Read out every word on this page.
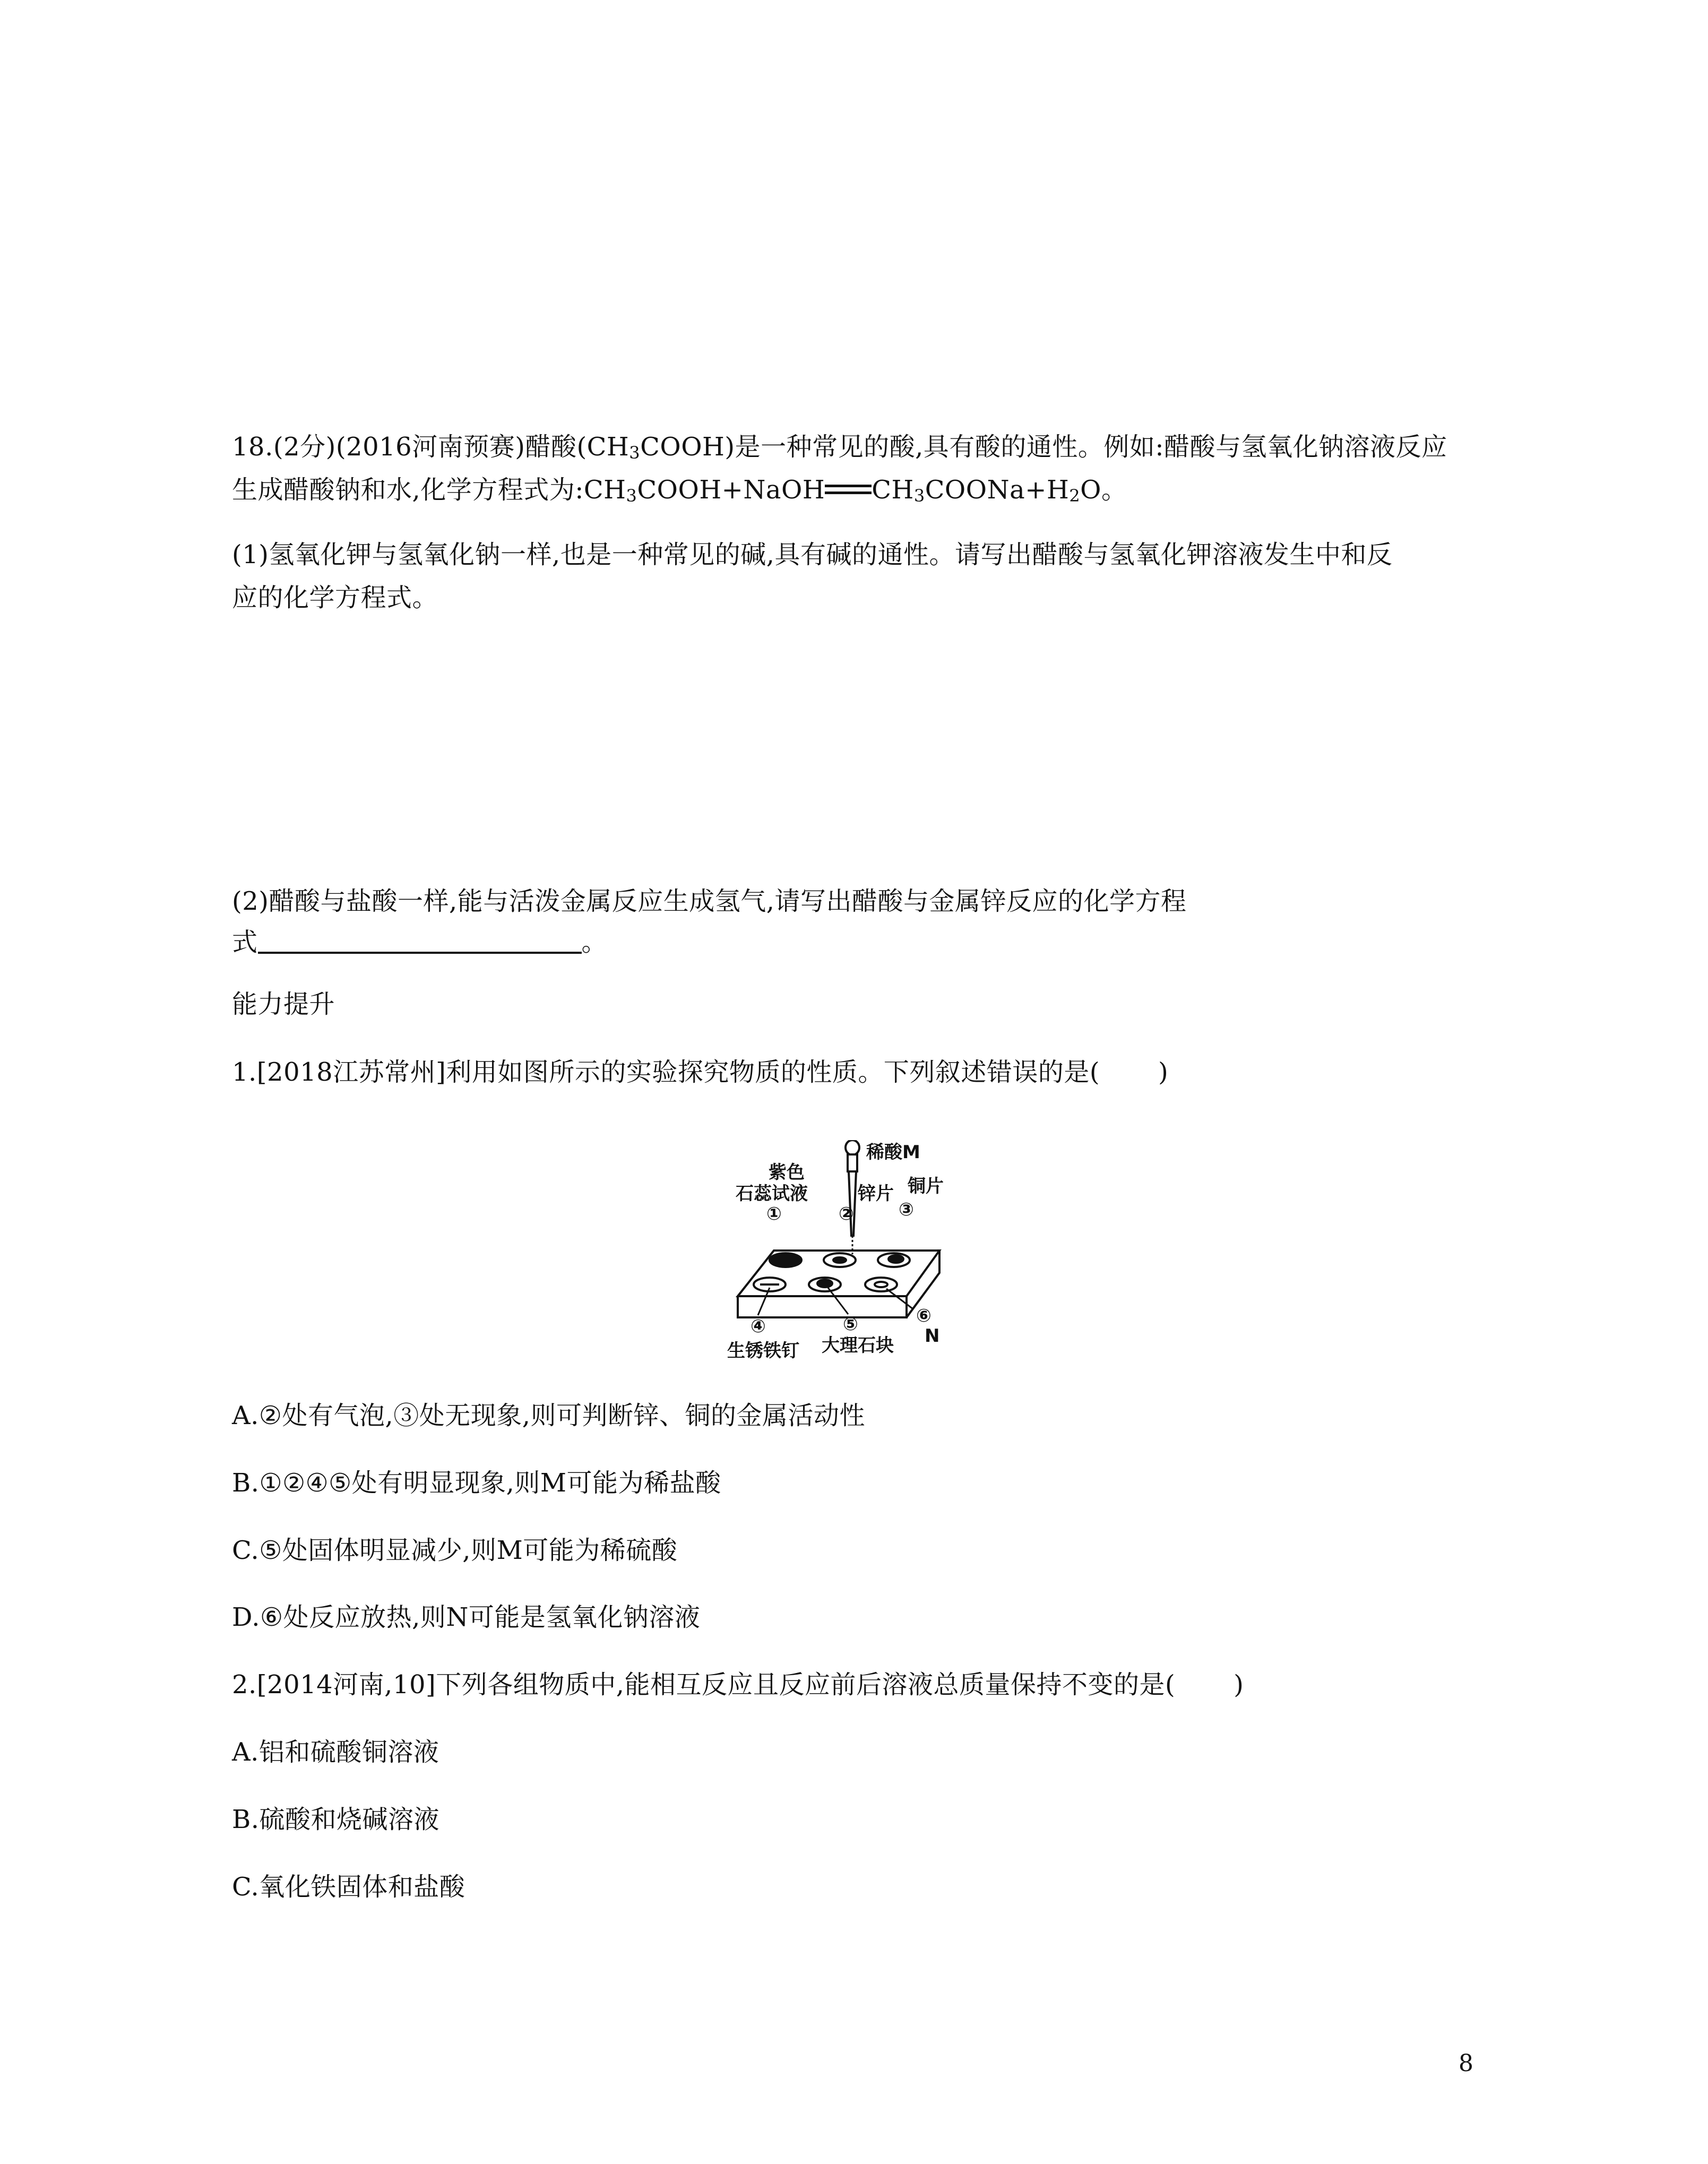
18.(2分)(2016河南预赛)醋酸$(CH_3COOH)$是一种常见的酸,具有酸的通性。例如:醋酸与氢氧化钠溶液反应
生成醋酸钠和水,化学方程式为$:CH_3COOH+NaOH$ $CH_3COONa+H_2O$。
(1)氢氧化钾与氢氧化钠一样,也是一种常见的碱,具有碱的通性。请写出醋酸与氢氧化钾溶液发生中和反
应的化学方程式。
(2)醋酸与盐酸一样,能与活泼金属反应生成氢气,请写出醋酸与金属锌反应的化学方程
式	。
能力提升
1.[2018江苏常州]利用如图所示的实验探究物质的性质。下列叙述错误的是( )
稀酸M
紫色
石蕊试液	锌片 铜片
①	② ③
⑥
N
④	⑤
生锈铁钉 大理石块
A.②处有气泡,③处无现象,则可判断锌、铜的金属活动性
B.①②④⑤处有明显现象,则M可能为稀盐酸
C.⑤处固体明显减少,则M可能为稀硫酸
D.⑥处反应放热,则N可能是氢氧化钠溶液
2.[2014河南,10]下列各组物质中,能相互反应且反应前后溶液总质量保持不变的是( )
A.铝和硫酸铜溶液
B.硫酸和烧碱溶液
C.氧化铁固体和盐酸
8
